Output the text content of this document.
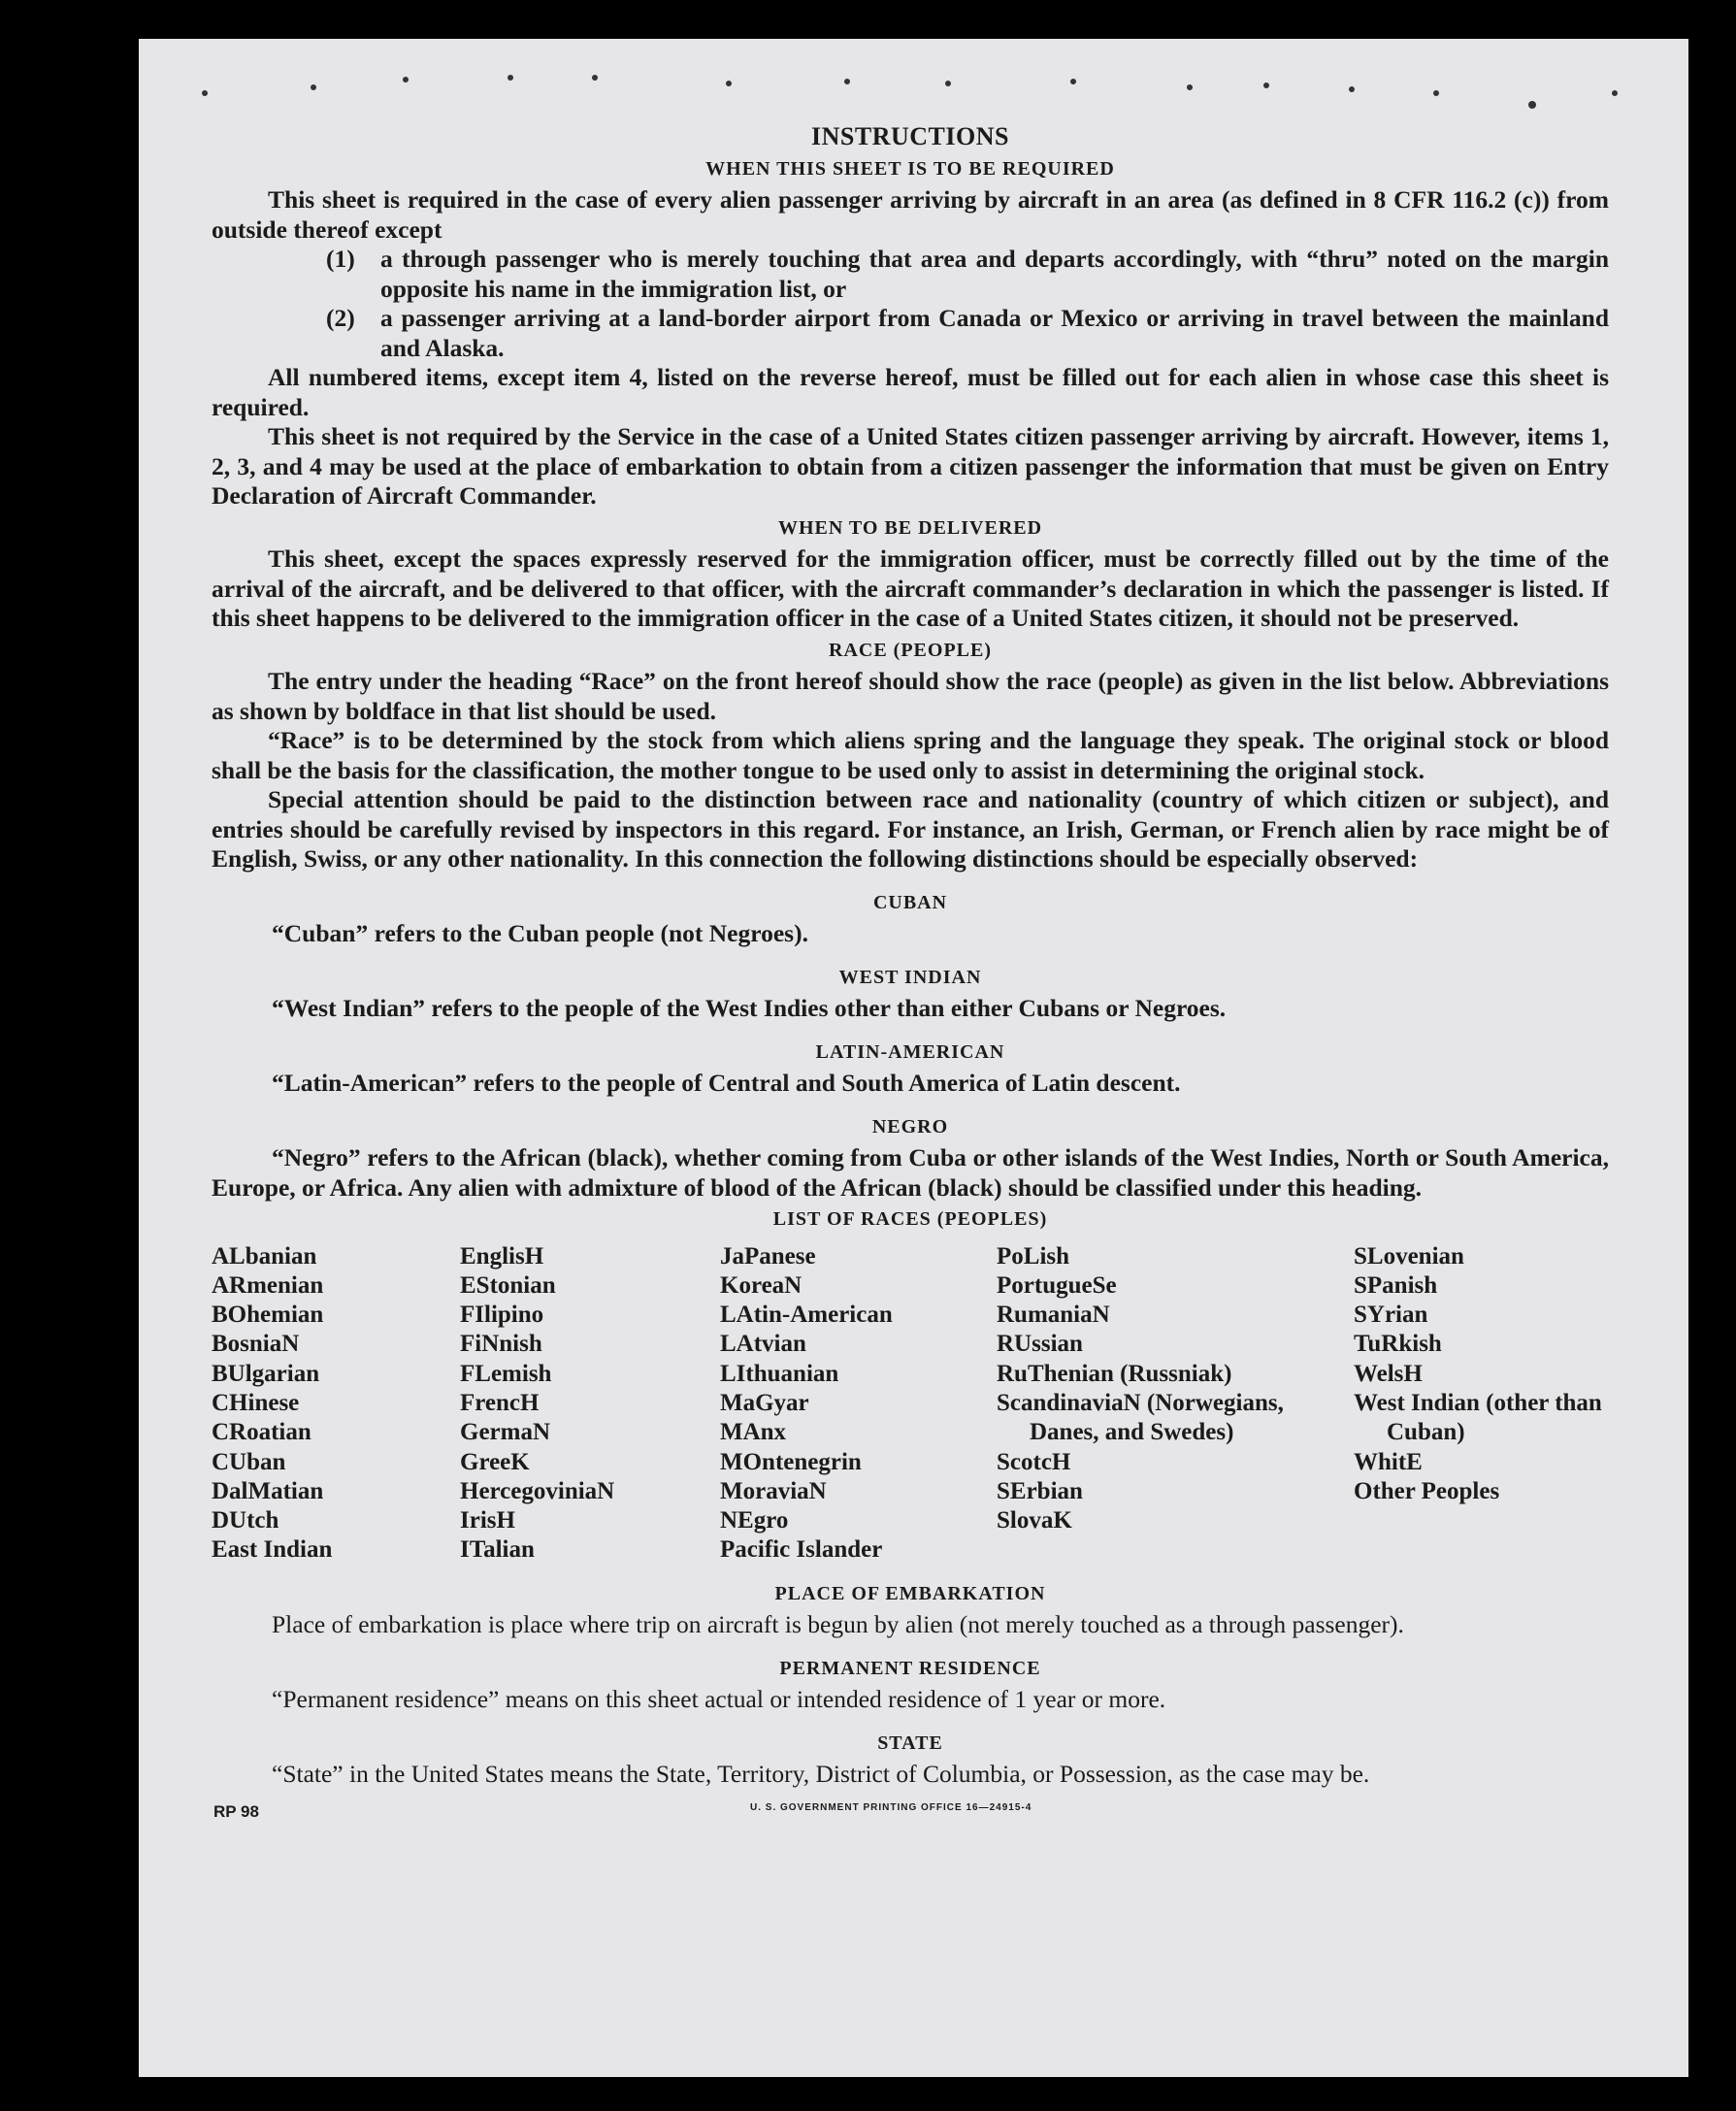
INSTRUCTIONS
WHEN THIS SHEET IS TO BE REQUIRED

This sheet is required in the case of every alien passenger arriving by aircraft in an area (as defined in 8 CFR 116.2 (c)) from outside thereof except

(1)	a through passenger who is merely touching that area and departs accordingly, with “thru” noted on the margin opposite his name in the immigration list, or
(2)	a passenger arriving at a land-border airport from Canada or Mexico or arriving in travel between the mainland and Alaska.

All numbered items, except item 4, listed on the reverse hereof, must be filled out for each alien in whose case this sheet is required.

This sheet is not required by the Service in the case of a United States citizen passenger arriving by aircraft. However, items 1, 2, 3, and 4 may be used at the place of embarkation to obtain from a citizen passenger the information that must be given on Entry Declaration of Aircraft Commander.

WHEN TO BE DELIVERED

This sheet, except the spaces expressly reserved for the immigration officer, must be correctly filled out by the time of the arrival of the aircraft, and be delivered to that officer, with the aircraft commander’s declaration in which the passenger is listed. If this sheet happens to be delivered to the immigration officer in the case of a United States citizen, it should not be preserved.

RACE (PEOPLE)

The entry under the heading “Race” on the front hereof should show the race (people) as given in the list below. Abbreviations as shown by boldface in that list should be used.

“Race” is to be determined by the stock from which aliens spring and the language they speak. The original stock or blood shall be the basis for the classification, the mother tongue to be used only to assist in determining the original stock.

Special attention should be paid to the distinction between race and nationality (country of which citizen or subject), and entries should be carefully revised by inspectors in this regard. For instance, an Irish, German, or French alien by race might be of English, Swiss, or any other nationality. In this connection the following distinctions should be especially observed:

CUBAN

“Cuban” refers to the Cuban people (not Negroes).

WEST INDIAN

“West Indian” refers to the people of the West Indies other than either Cubans or Negroes.

LATIN-AMERICAN

“Latin-American” refers to the people of Central and South America of Latin descent.

NEGRO

“Negro” refers to the African (black), whether coming from Cuba or other islands of the West Indies, North or South America, Europe, or Africa. Any alien with admixture of blood of the African (black) should be classified under this heading.

LIST OF RACES (PEOPLES)
ALbanian
ARmenian
BOhemian
BosniaN
BUlgarian
CHinese
CRoatian
CUban
DalMatian
DUtch
East Indian
EnglisH
EStonian
FIlipino
FiNnish
FLemish
FrencH
GermaN
GreeK
HercegoviniaN
IrisH
ITalian
JaPanese
KoreaN
LAtin-American
LAtvian
LIthuanian
MaGyar
MAnx
MOntenegrin
MoraviaN
NEgro
Pacific Islander
PoLish
PortugueSe
RumaniaN
RUssian
RuThenian (Russniak)
ScandinaviaN (Norwegians, Danes, and Swedes)
ScotcH
SErbian
SlovaK
SLovenian
SPanish
SYrian
TuRkish
WelsH
West Indian (other than Cuban)
WhitE
Other Peoples
PLACE OF EMBARKATION

Place of embarkation is place where trip on aircraft is begun by alien (not merely touched as a through passenger).

PERMANENT RESIDENCE

“Permanent residence” means on this sheet actual or intended residence of 1 year or more.

STATE

“State” in the United States means the State, Territory, District of Columbia, or Possession, as the case may be.

U. S. GOVERNMENT PRINTING OFFICE 16—24915-4
RP 98
